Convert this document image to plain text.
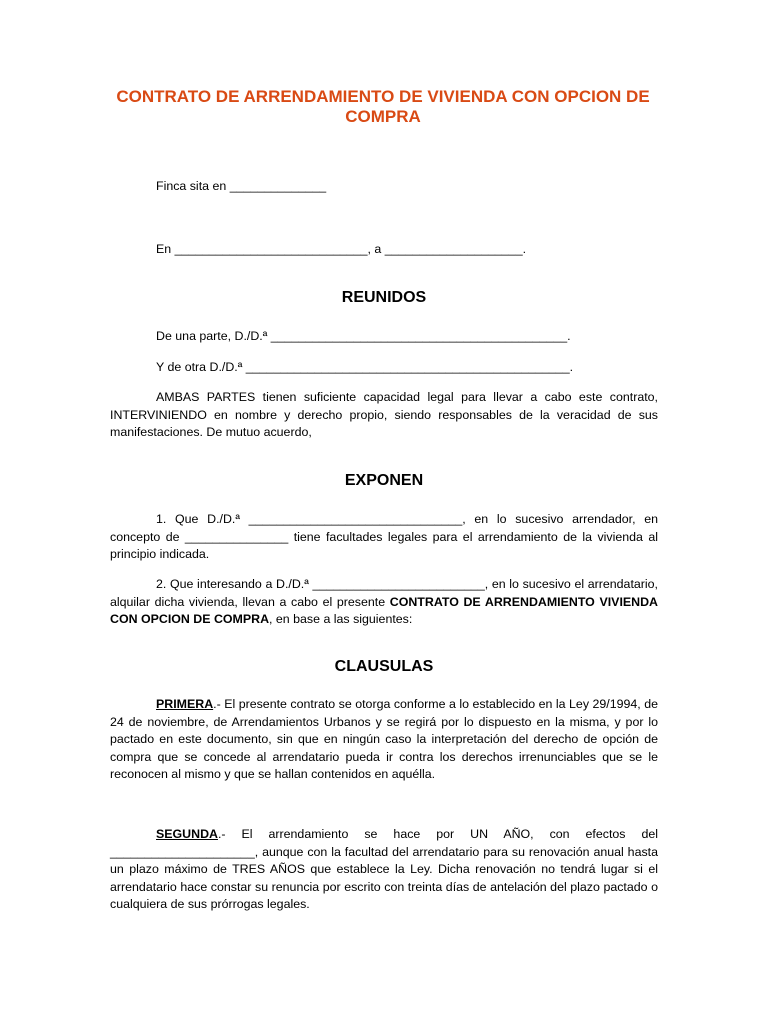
CONTRATO DE ARRENDAMIENTO DE VIVIENDA CON OPCION DE COMPRA

Finca sita en ______________

En ____________________________, a ____________________.

REUNIDOS

De una parte, D./D.ª ___________________________________________.

Y de otra D./D.ª _______________________________________________.

AMBAS PARTES tienen suficiente capacidad legal para llevar a cabo este contrato, INTERVINIENDO en nombre y derecho propio, siendo responsables de la veracidad de sus manifestaciones. De mutuo acuerdo,

EXPONEN

1. Que D./D.ª _______________________________, en lo sucesivo arrendador, en concepto de _______________ tiene facultades legales para el arrendamiento de la vivienda al principio indicada.

2. Que interesando a D./D.ª _________________________, en lo sucesivo el arrendatario, alquilar dicha vivienda, llevan a cabo el presente CONTRATO DE ARRENDAMIENTO VIVIENDA CON OPCION DE COMPRA, en base a las siguientes:

CLAUSULAS

PRIMERA.- El presente contrato se otorga conforme a lo establecido en la Ley 29/1994, de 24 de noviembre, de Arrendamientos Urbanos y se regirá por lo dispuesto en la misma, y por lo pactado en este documento, sin que en ningún caso la interpretación del derecho de opción de compra que se concede al arrendatario pueda ir contra los derechos irrenunciables que se le reconocen al mismo y que se hallan contenidos en aquélla.

SEGUNDA.- El arrendamiento se hace por UN AÑO, con efectos del _____________________, aunque con la facultad del arrendatario para su renovación anual hasta un plazo máximo de TRES AÑOS que establece la Ley. Dicha renovación no tendrá lugar si el arrendatario hace constar su renuncia por escrito con treinta días de antelación del plazo pactado o cualquiera de sus prórrogas legales.
